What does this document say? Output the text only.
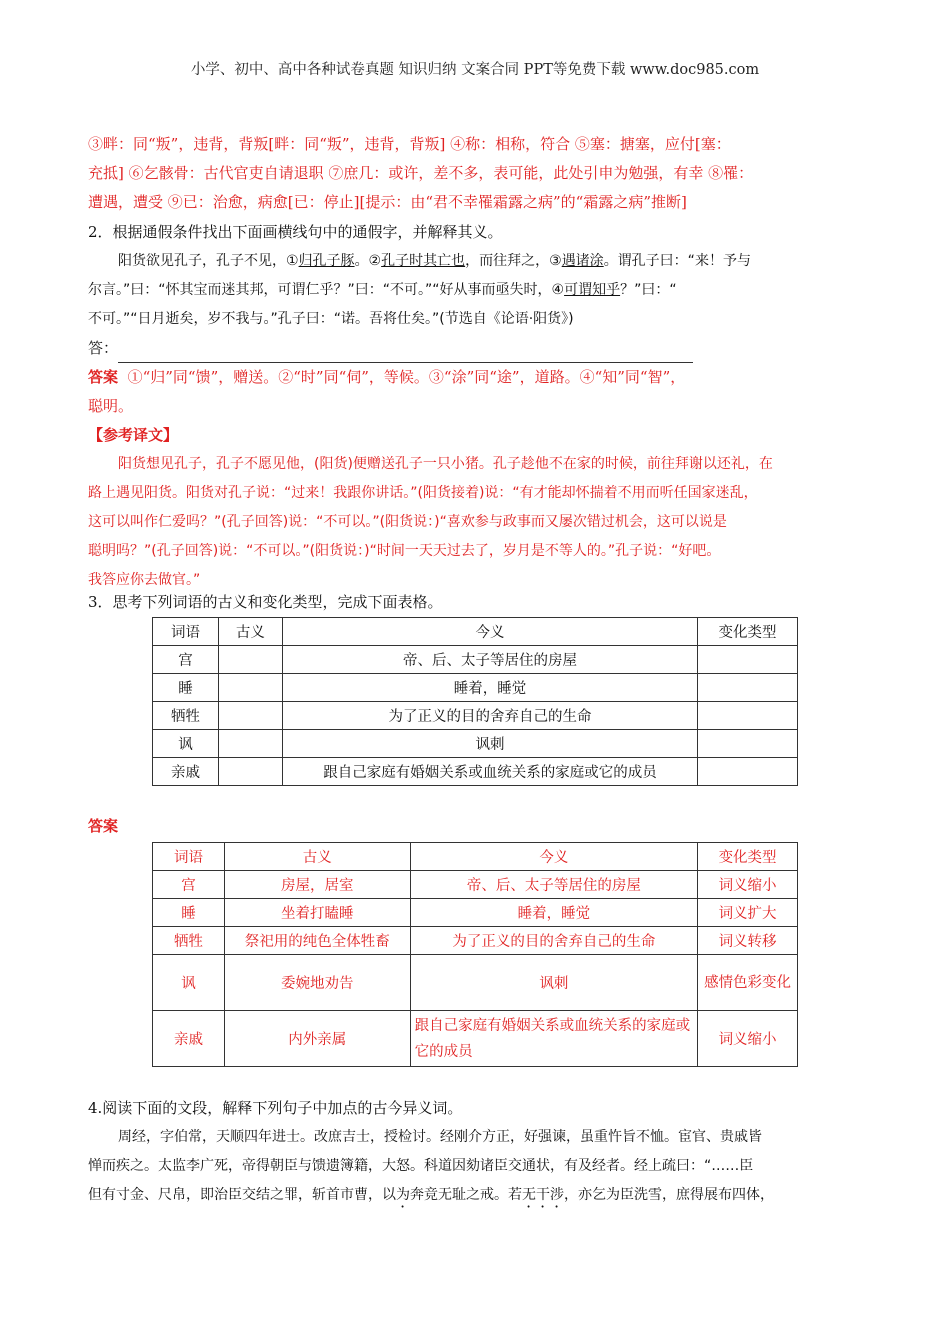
小学、初中、高中各种试卷真题 知识归纳 文案合同 PPT等免费下载 www.doc985.com
③畔：同“叛”，违背，背叛[畔：同“叛”，违背，背叛] ④称：相称，符合 ⑤塞：搪塞，应付[塞：
充抵] ⑥乞骸骨：古代官吏自请退职 ⑦庶几：或许，差不多，表可能，此处引申为勉强，有幸 ⑧罹：
遭遇，遭受 ⑨已：治愈，病愈[已：停止][提示：由“君不幸罹霜露之病”的“霜露之病”推断]
2．根据通假条件找出下面画横线句中的通假字，并解释其义。
阳货欲见孔子，孔子不见，①归孔子豚。②孔子时其亡也，而往拜之，③遇诸涂。谓孔子曰：“来！予与
尔言。”曰：“怀其宝而迷其邦，可谓仁乎？”曰：“不可。”“好从事而亟失时，④可谓知乎？”曰：“
不可。”“日月逝矣，岁不我与。”孔子曰：“诺。吾将仕矣。”(节选自《论语·阳货》)
答：
答案 ①“归”同“馈”，赠送。②“时”同“伺”，等候。③“涂”同“途”，道路。④“知”同“智”，
聪明。
【参考译文】
阳货想见孔子，孔子不愿见他，(阳货)便赠送孔子一只小猪。孔子趁他不在家的时候，前往拜谢以还礼，在
路上遇见阳货。阳货对孔子说：“过来！我跟你讲话。”(阳货接着)说：“有才能却怀揣着不用而听任国家迷乱，
这可以叫作仁爱吗？”(孔子回答)说：“不可以。”(阳货说：)“喜欢参与政事而又屡次错过机会，这可以说是
聪明吗？”(孔子回答)说：“不可以。”(阳货说：)“时间一天天过去了，岁月是不等人的。”孔子说：“好吧。
我答应你去做官。”
3．思考下列词语的古义和变化类型，完成下面表格。
词语	古义	今义	变化类型
宫		帝、后、太子等居住的房屋	
睡		睡着，睡觉	
牺牲		为了正义的目的舍弃自己的生命	
讽		讽刺	
亲戚		跟自己家庭有婚姻关系或血统关系的家庭或它的成员	
答案
词语	古义	今义	变化类型
宫	房屋，居室	帝、后、太子等居住的房屋	词义缩小
睡	坐着打瞌睡	睡着，睡觉	词义扩大
牺牲	祭祀用的纯色全体牲畜	为了正义的目的舍弃自己的生命	词义转移
讽	委婉地劝告	讽刺	感情色彩变化
亲戚	内外亲属	跟自己家庭有婚姻关系或血统关系的家庭或它的成员	词义缩小
4.阅读下面的文段，解释下列句子中加点的古今异义词。
周经，字伯常，天顺四年进士。改庶吉士，授检讨。经刚介方正，好强谏，虽重忤旨不恤。宦官、贵戚皆
惮而疾之。太监李广死，帝得朝臣与馈遗簿籍，大怒。科道因劾诸臣交通状，有及经者。经上疏曰：“……臣
但有寸金、尺帛，即治臣交结之罪，斩首市曹，以为奔竞无耻之戒。若无干涉，亦乞为臣洗雪，庶得展布四体，
